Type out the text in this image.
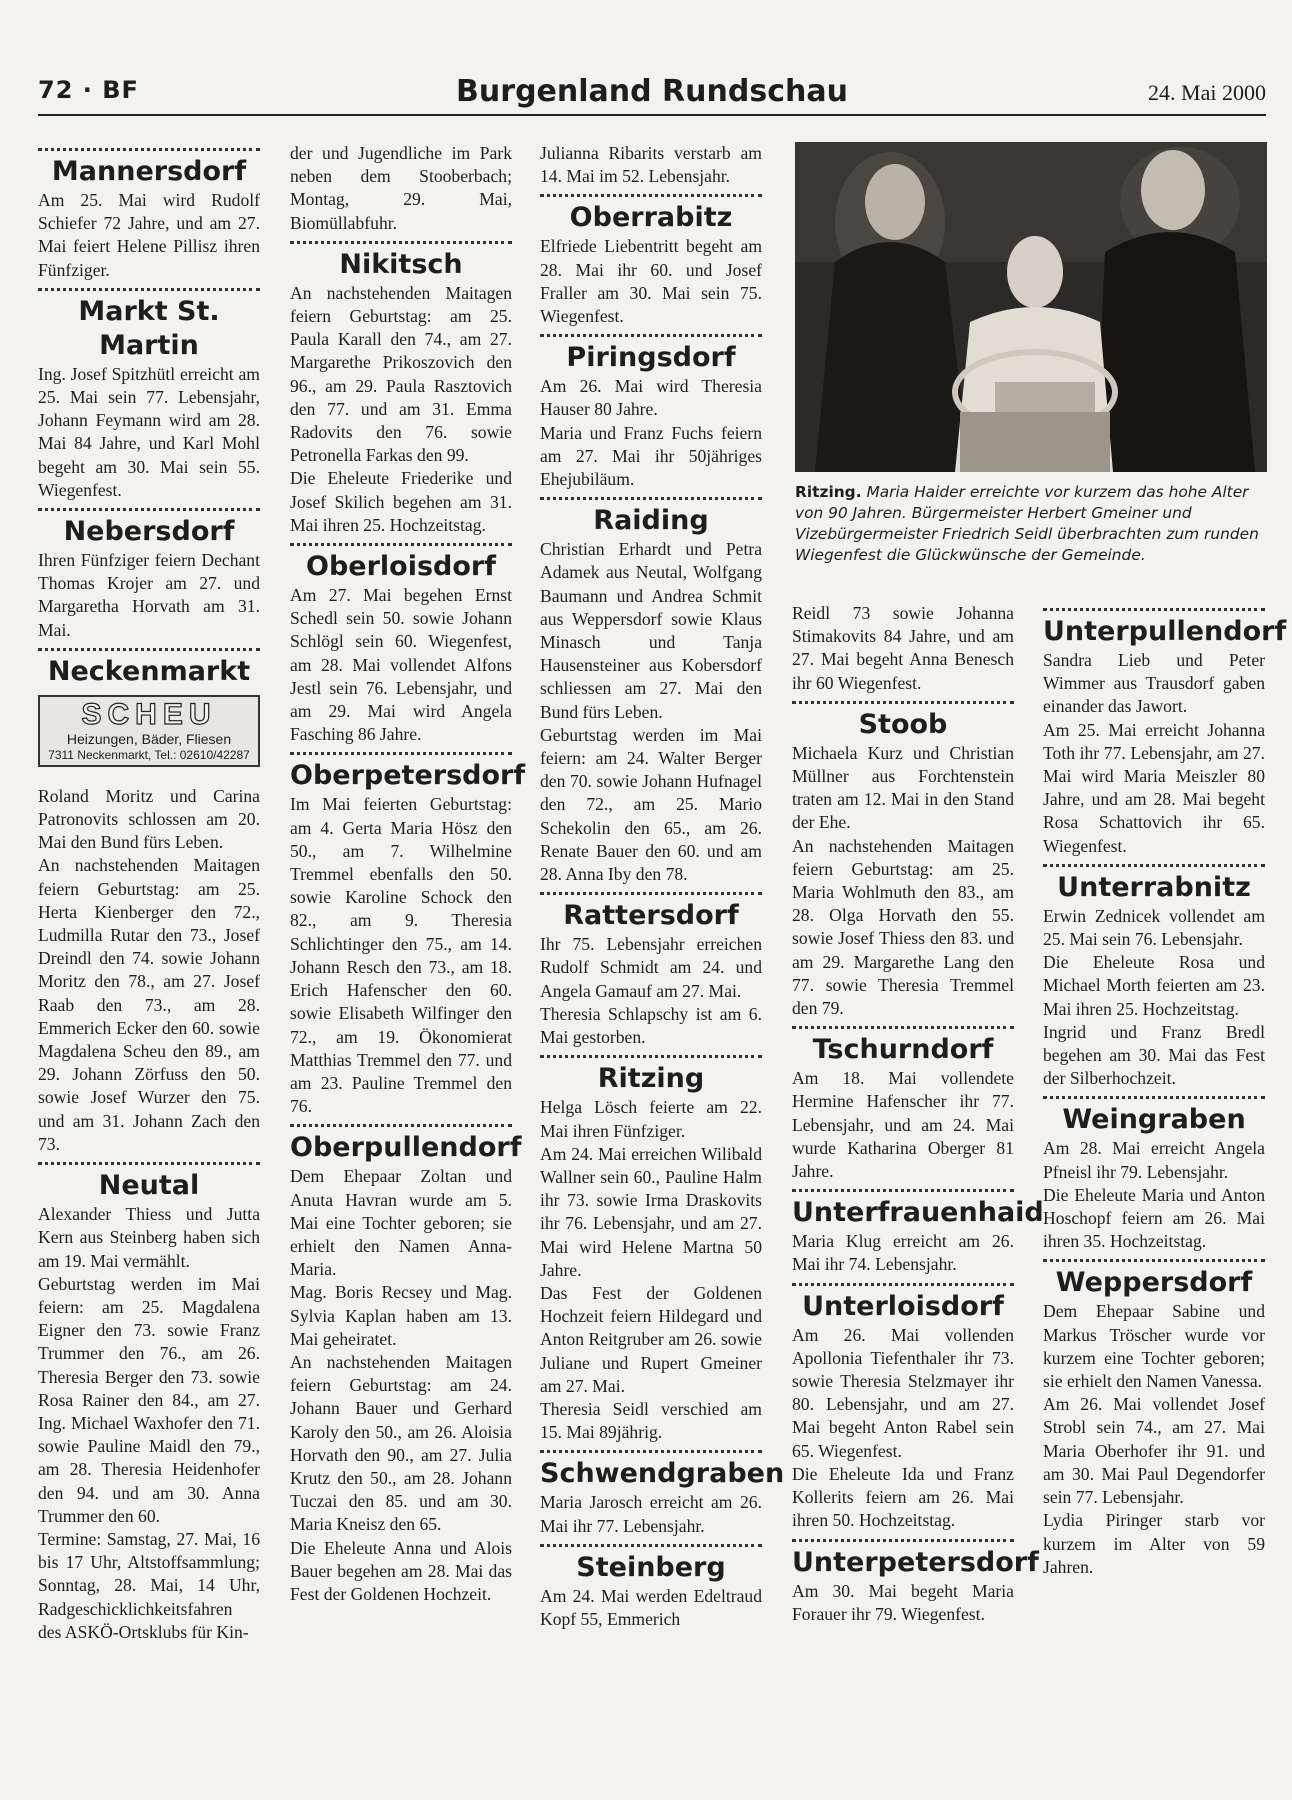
72 · BF	Burgenland Rundschau	24. Mai 2000
Mannersdorf

Am 25. Mai wird Rudolf Schiefer 72 Jahre, und am 27. Mai feiert Helene Pillisz ihren Fünfziger.

Markt St. Martin

Ing. Josef Spitzhütl erreicht am 25. Mai sein 77. Lebensjahr, Johann Feymann wird am 28. Mai 84 Jahre, und Karl Mohl begeht am 30. Mai sein 55. Wiegenfest.

Nebersdorf

Ihren Fünfziger feiern Dechant Thomas Krojer am 27. und Margaretha Horvath am 31. Mai.

Neckenmarkt
SCHEU
Heizungen, Bäder, Fliesen
7311 Neckenmarkt, Tel.: 02610/42287

Roland Moritz und Carina Patronovits schlossen am 20. Mai den Bund fürs Leben.

An nachstehenden Maitagen feiern Geburtstag: am 25. Herta Kienberger den 72., Ludmilla Rutar den 73., Josef Dreindl den 74. sowie Johann Moritz den 78., am 27. Josef Raab den 73., am 28. Emmerich Ecker den 60. sowie Magdalena Scheu den 89., am 29. Johann Zörfuss den 50. sowie Josef Wurzer den 75. und am 31. Johann Zach den 73.

Neutal

Alexander Thiess und Jutta Kern aus Steinberg haben sich am 19. Mai vermählt.

Geburtstag werden im Mai feiern: am 25. Magdalena Eigner den 73. sowie Franz Trummer den 76., am 26. Theresia Berger den 73. sowie Rosa Rainer den 84., am 27. Ing. Michael Waxhofer den 71. sowie Pauline Maidl den 79., am 28. Theresia Heidenhofer den 94. und am 30. Anna Trummer den 60.

Termine: Samstag, 27. Mai, 16 bis 17 Uhr, Altstoffsammlung; Sonntag, 28. Mai, 14 Uhr, Radgeschicklichkeitsfahren des ASKÖ-Ortsklubs für Kin-

der und Jugendliche im Park neben dem Stooberbach; Montag, 29. Mai, Biomüllabfuhr.

Nikitsch

An nachstehenden Maitagen feiern Geburtstag: am 25. Paula Karall den 74., am 27. Margarethe Prikoszovich den 96., am 29. Paula Rasztovich den 77. und am 31. Emma Radovits den 76. sowie Petronella Farkas den 99.

Die Eheleute Friederike und Josef Skilich begehen am 31. Mai ihren 25. Hochzeitstag.

Oberloisdorf

Am 27. Mai begehen Ernst Schedl sein 50. sowie Johann Schlögl sein 60. Wiegenfest, am 28. Mai vollendet Alfons Jestl sein 76. Lebensjahr, und am 29. Mai wird Angela Fasching 86 Jahre.

Oberpetersdorf

Im Mai feierten Geburtstag: am 4. Gerta Maria Hösz den 50., am 7. Wilhelmine Tremmel ebenfalls den 50. sowie Karoline Schock den 82., am 9. Theresia Schlichtinger den 75., am 14. Johann Resch den 73., am 18. Erich Hafenscher den 60. sowie Elisabeth Wilfinger den 72., am 19. Ökonomierat Matthias Tremmel den 77. und am 23. Pauline Tremmel den 76.

Oberpullendorf

Dem Ehepaar Zoltan und Anuta Havran wurde am 5. Mai eine Tochter geboren; sie erhielt den Namen Anna-Maria.

Mag. Boris Recsey und Mag. Sylvia Kaplan haben am 13. Mai geheiratet.

An nachstehenden Maitagen feiern Geburtstag: am 24. Johann Bauer und Gerhard Karoly den 50., am 26. Aloisia Horvath den 90., am 27. Julia Krutz den 50., am 28. Johann Tuczai den 85. und am 30. Maria Kneisz den 65.

Die Eheleute Anna und Alois Bauer begehen am 28. Mai das Fest der Goldenen Hochzeit.

Julianna Ribarits verstarb am 14. Mai im 52. Lebensjahr.

Oberrabitz

Elfriede Liebentritt begeht am 28. Mai ihr 60. und Josef Fraller am 30. Mai sein 75. Wiegenfest.

Piringsdorf

Am 26. Mai wird Theresia Hauser 80 Jahre.

Maria und Franz Fuchs feiern am 27. Mai ihr 50jähriges Ehejubiläum.

Raiding

Christian Erhardt und Petra Adamek aus Neutal, Wolfgang Baumann und Andrea Schmit aus Weppersdorf sowie Klaus Minasch und Tanja Hausensteiner aus Kobersdorf schliessen am 27. Mai den Bund fürs Leben.

Geburtstag werden im Mai feiern: am 24. Walter Berger den 70. sowie Johann Hufnagel den 72., am 25. Mario Schekolin den 65., am 26. Renate Bauer den 60. und am 28. Anna Iby den 78.

Rattersdorf

Ihr 75. Lebensjahr erreichen Rudolf Schmidt am 24. und Angela Gamauf am 27. Mai.

Theresia Schlapschy ist am 6. Mai gestorben.

Ritzing

Helga Lösch feierte am 22. Mai ihren Fünfziger.

Am 24. Mai erreichen Wilibald Wallner sein 60., Pauline Halm ihr 73. sowie Irma Draskovits ihr 76. Lebensjahr, und am 27. Mai wird Helene Martna 50 Jahre.

Das Fest der Goldenen Hochzeit feiern Hildegard und Anton Reitgruber am 26. sowie Juliane und Rupert Gmeiner am 27. Mai.

Theresia Seidl verschied am 15. Mai 89jährig.

Schwendgraben

Maria Jarosch erreicht am 26. Mai ihr 77. Lebensjahr.

Steinberg

Am 24. Mai werden Edeltraud Kopf 55, Emmerich

Ritzing. Maria Haider erreichte vor kurzem das hohe Alter von 90 Jahren. Bürgermeister Herbert Gmeiner und Vizebürgermeister Friedrich Seidl überbrachten zum runden Wiegenfest die Glückwünsche der Gemeinde.

Reidl 73 sowie Johanna Stimakovits 84 Jahre, und am 27. Mai begeht Anna Benesch ihr 60 Wiegenfest.

Stoob

Michaela Kurz und Christian Müllner aus Forchtenstein traten am 12. Mai in den Stand der Ehe.

An nachstehenden Maitagen feiern Geburtstag: am 25. Maria Wohlmuth den 83., am 28. Olga Horvath den 55. sowie Josef Thiess den 83. und am 29. Margarethe Lang den 77. sowie Theresia Tremmel den 79.

Tschurndorf

Am 18. Mai vollendete Hermine Hafenscher ihr 77. Lebensjahr, und am 24. Mai wurde Katharina Oberger 81 Jahre.

Unterfrauenhaid

Maria Klug erreicht am 26. Mai ihr 74. Lebensjahr.

Unterloisdorf

Am 26. Mai vollenden Apollonia Tiefenthaler ihr 73. sowie Theresia Stelzmayer ihr 80. Lebensjahr, und am 27. Mai begeht Anton Rabel sein 65. Wiegenfest.

Die Eheleute Ida und Franz Kollerits feiern am 26. Mai ihren 50. Hochzeitstag.

Unterpetersdorf

Am 30. Mai begeht Maria Forauer ihr 79. Wiegenfest.

Unterpullendorf

Sandra Lieb und Peter Wimmer aus Trausdorf gaben einander das Jawort.

Am 25. Mai erreicht Johanna Toth ihr 77. Lebensjahr, am 27. Mai wird Maria Meiszler 80 Jahre, und am 28. Mai begeht Rosa Schattovich ihr 65. Wiegenfest.

Unterrabnitz

Erwin Zednicek vollendet am 25. Mai sein 76. Lebensjahr.

Die Eheleute Rosa und Michael Morth feierten am 23. Mai ihren 25. Hochzeitstag.

Ingrid und Franz Bredl begehen am 30. Mai das Fest der Silberhochzeit.

Weingraben

Am 28. Mai erreicht Angela Pfneisl ihr 79. Lebensjahr.

Die Eheleute Maria und Anton Hoschopf feiern am 26. Mai ihren 35. Hochzeitstag.

Weppersdorf

Dem Ehepaar Sabine und Markus Tröscher wurde vor kurzem eine Tochter geboren; sie erhielt den Namen Vanessa.

Am 26. Mai vollendet Josef Strobl sein 74., am 27. Mai Maria Oberhofer ihr 91. und am 30. Mai Paul Degendorfer sein 77. Lebensjahr.

Lydia Piringer starb vor kurzem im Alter von 59 Jahren.
